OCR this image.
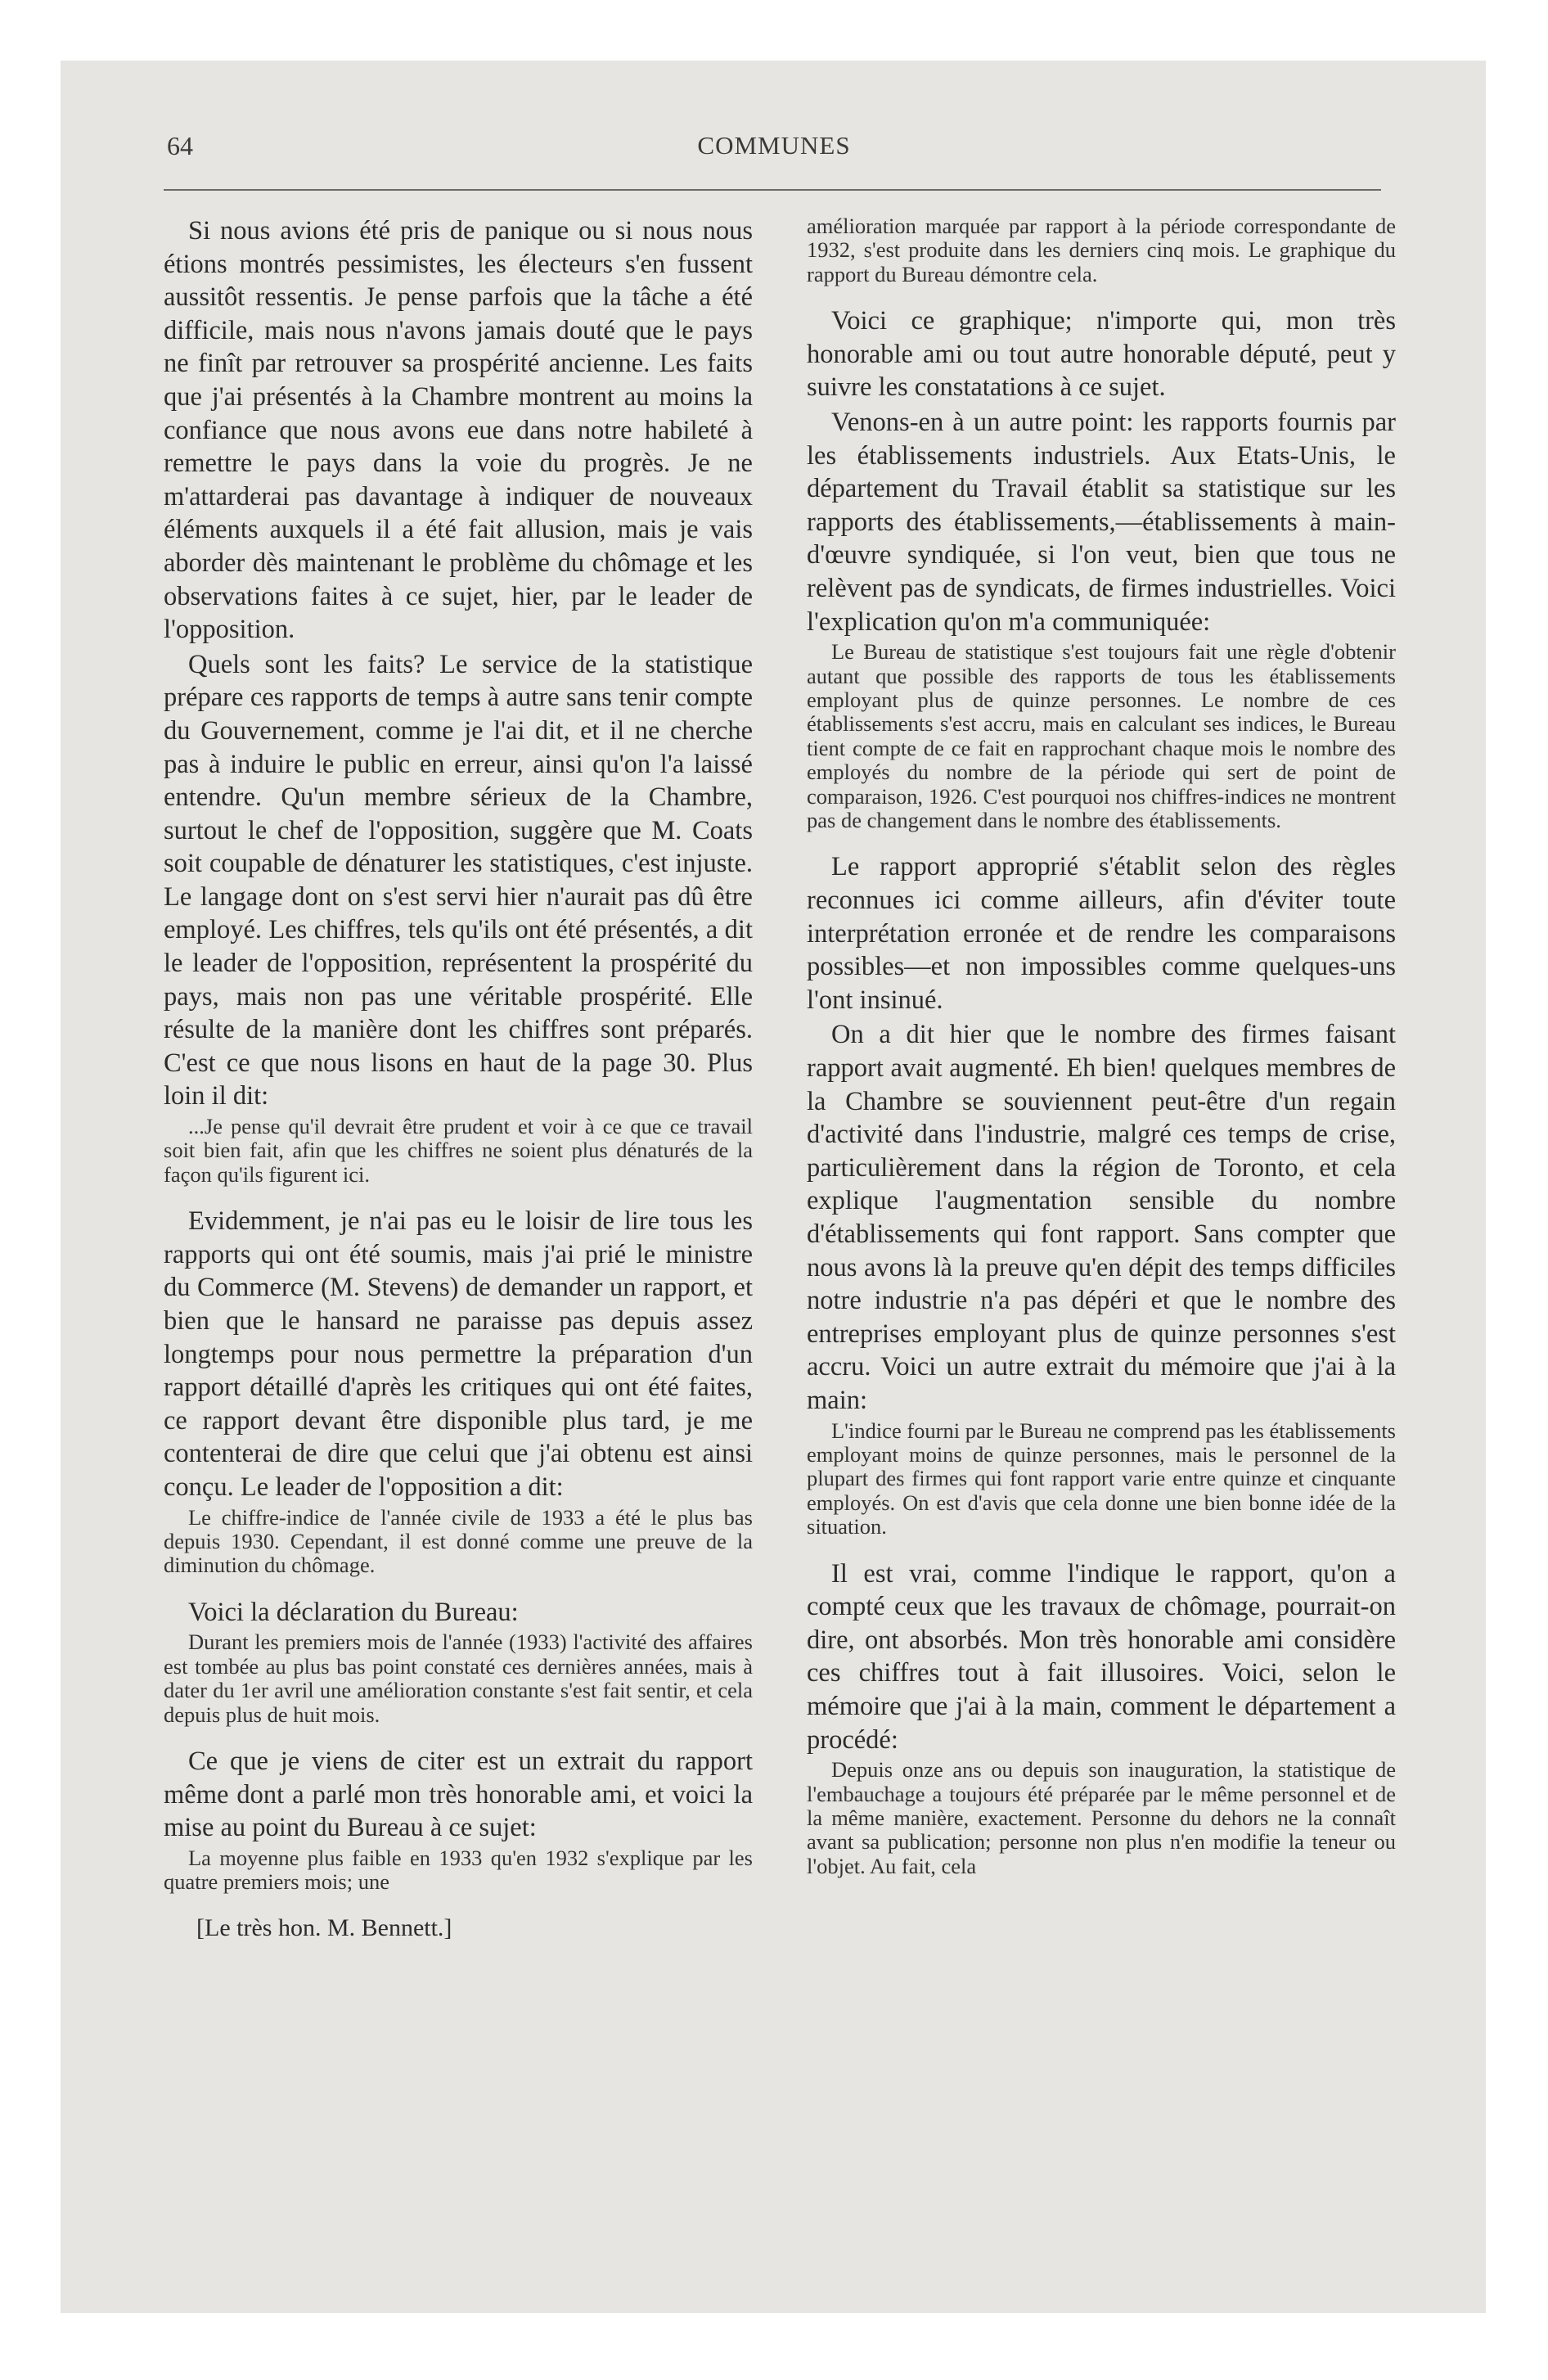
64	COMMUNES

Si nous avions été pris de panique ou si nous nous étions montrés pessimistes, les électeurs s'en fussent aussitôt ressentis. Je pense parfois que la tâche a été difficile, mais nous n'avons jamais douté que le pays ne finît par retrouver sa prospérité ancienne. Les faits que j'ai présentés à la Chambre montrent au moins la confiance que nous avons eue dans notre habileté à remettre le pays dans la voie du progrès. Je ne m'attarderai pas davantage à indiquer de nouveaux éléments auxquels il a été fait allusion, mais je vais aborder dès maintenant le problème du chômage et les observations faites à ce sujet, hier, par le leader de l'opposition.

Quels sont les faits? Le service de la statistique prépare ces rapports de temps à autre sans tenir compte du Gouvernement, comme je l'ai dit, et il ne cherche pas à induire le public en erreur, ainsi qu'on l'a laissé entendre. Qu'un membre sérieux de la Chambre, surtout le chef de l'opposition, suggère que M. Coats soit coupable de dénaturer les statistiques, c'est injuste. Le langage dont on s'est servi hier n'aurait pas dû être employé. Les chiffres, tels qu'ils ont été présentés, a dit le leader de l'opposition, représentent la prospérité du pays, mais non pas une véritable prospérité. Elle résulte de la manière dont les chiffres sont préparés. C'est ce que nous lisons en haut de la page 30. Plus loin il dit:

...Je pense qu'il devrait être prudent et voir à ce que ce travail soit bien fait, afin que les chiffres ne soient plus dénaturés de la façon qu'ils figurent ici.

Evidemment, je n'ai pas eu le loisir de lire tous les rapports qui ont été soumis, mais j'ai prié le ministre du Commerce (M. Stevens) de demander un rapport, et bien que le hansard ne paraisse pas depuis assez longtemps pour nous permettre la préparation d'un rapport détaillé d'après les critiques qui ont été faites, ce rapport devant être disponible plus tard, je me contenterai de dire que celui que j'ai obtenu est ainsi conçu. Le leader de l'opposition a dit:

Le chiffre-indice de l'année civile de 1933 a été le plus bas depuis 1930. Cependant, il est donné comme une preuve de la diminution du chômage.

Voici la déclaration du Bureau:

Durant les premiers mois de l'année (1933) l'activité des affaires est tombée au plus bas point constaté ces dernières années, mais à dater du 1er avril une amélioration constante s'est fait sentir, et cela depuis plus de huit mois.

Ce que je viens de citer est un extrait du rapport même dont a parlé mon très honorable ami, et voici la mise au point du Bureau à ce sujet:

La moyenne plus faible en 1933 qu'en 1932 s'explique par les quatre premiers mois; une

[Le très hon. M. Bennett.]

amélioration marquée par rapport à la période correspondante de 1932, s'est produite dans les derniers cinq mois. Le graphique du rapport du Bureau démontre cela.

Voici ce graphique; n'importe qui, mon très honorable ami ou tout autre honorable député, peut y suivre les constatations à ce sujet.

Venons-en à un autre point: les rapports fournis par les établissements industriels. Aux Etats-Unis, le département du Travail établit sa statistique sur les rapports des établissements,—établissements à main-d'œuvre syndiquée, si l'on veut, bien que tous ne relèvent pas de syndicats, de firmes industrielles. Voici l'explication qu'on m'a communiquée:

Le Bureau de statistique s'est toujours fait une règle d'obtenir autant que possible des rapports de tous les établissements employant plus de quinze personnes. Le nombre de ces établissements s'est accru, mais en calculant ses indices, le Bureau tient compte de ce fait en rapprochant chaque mois le nombre des employés du nombre de la période qui sert de point de comparaison, 1926. C'est pourquoi nos chiffres-indices ne montrent pas de changement dans le nombre des établissements.

Le rapport approprié s'établit selon des règles reconnues ici comme ailleurs, afin d'éviter toute interprétation erronée et de rendre les comparaisons possibles—et non impossibles comme quelques-uns l'ont insinué.

On a dit hier que le nombre des firmes faisant rapport avait augmenté. Eh bien! quelques membres de la Chambre se souviennent peut-être d'un regain d'activité dans l'industrie, malgré ces temps de crise, particulièrement dans la région de Toronto, et cela explique l'augmentation sensible du nombre d'établissements qui font rapport. Sans compter que nous avons là la preuve qu'en dépit des temps difficiles notre industrie n'a pas dépéri et que le nombre des entreprises employant plus de quinze personnes s'est accru. Voici un autre extrait du mémoire que j'ai à la main:

L'indice fourni par le Bureau ne comprend pas les établissements employant moins de quinze personnes, mais le personnel de la plupart des firmes qui font rapport varie entre quinze et cinquante employés. On est d'avis que cela donne une bien bonne idée de la situation.

Il est vrai, comme l'indique le rapport, qu'on a compté ceux que les travaux de chômage, pourrait-on dire, ont absorbés. Mon très honorable ami considère ces chiffres tout à fait illusoires. Voici, selon le mémoire que j'ai à la main, comment le département a procédé:

Depuis onze ans ou depuis son inauguration, la statistique de l'embauchage a toujours été préparée par le même personnel et de la même manière, exactement. Personne du dehors ne la connaît avant sa publication; personne non plus n'en modifie la teneur ou l'objet. Au fait, cela
